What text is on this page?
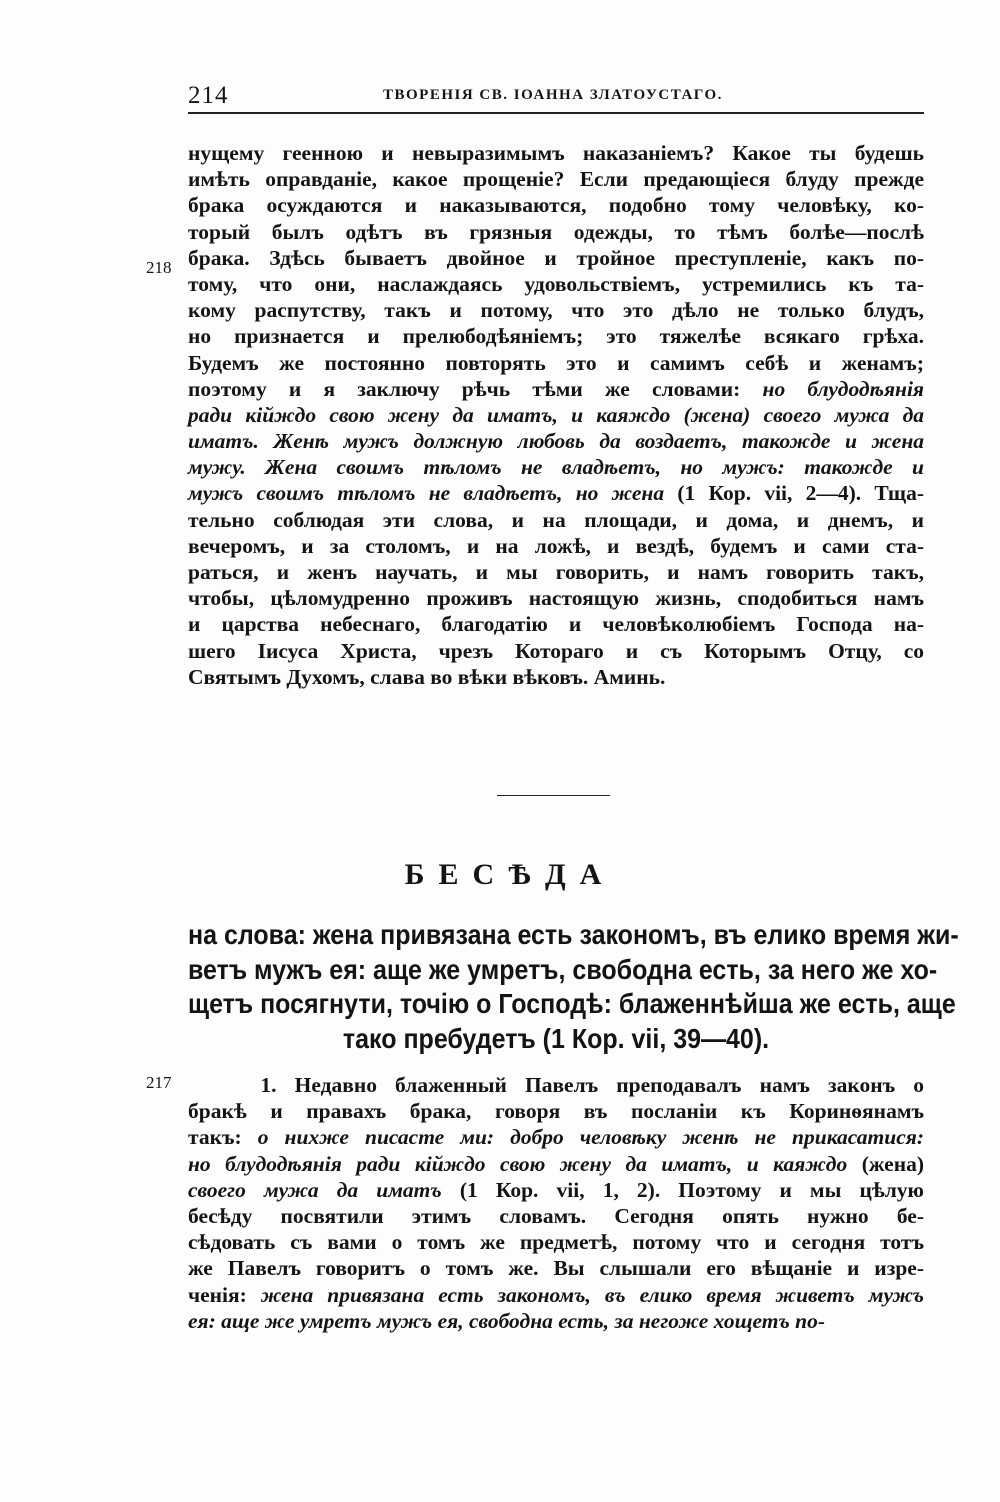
214	ТВОРЕНІЯ СВ. ІОАННА ЗЛАТОУСТАГО.
218
217
нущему геенною и невыразимымъ наказаніемъ? Какое ты будешь
имѣть оправданіе, какое прощеніе? Если предающіеся блуду прежде
брака осуждаются и наказываются, подобно тому человѣку, ко-
торый былъ одѣтъ въ грязныя одежды, то тѣмъ болѣе—послѣ
брака. Здѣсь бываетъ двойное и тройное преступленіе, какъ по-
тому, что они, наслаждаясь удовольствіемъ, устремились къ та-
кому распутству, такъ и потому, что это дѣло не только блудъ,
но признается и прелюбодѣяніемъ; это тяжелѣе всякаго грѣха.
Будемъ же постоянно повторять это и самимъ себѣ и женамъ;
поэтому и я заключу рѣчь тѣми же словами: но блудодѣянія
ради кійждо свою жену да иматъ, и каяждо (жена) своего мужа да
иматъ. Женѣ мужъ должную любовь да воздаетъ, такожде и жена
мужу. Жена своимъ тѣломъ не владѣетъ, но мужъ: такожде и
мужъ своимъ тѣломъ не владѣетъ, но жена (1 Кор. vii, 2—4). Тща-
тельно соблюдая эти слова, и на площади, и дома, и днемъ, и
вечеромъ, и за столомъ, и на ложѣ, и вездѣ, будемъ и сами ста-
раться, и женъ научать, и мы говорить, и намъ говорить такъ,
чтобы, цѣломудренно проживъ настоящую жизнь, сподобиться намъ
и царства небеснаго, благодатію и человѣколюбіемъ Господа на-
шего Іисуса Христа, чрезъ Котораго и съ Которымъ Отцу, со
Святымъ Духомъ, слава во вѣки вѣковъ. Аминь.
БЕСѢДА
на слова: жена привязана есть закономъ, въ елико время жи-
ветъ мужъ ея: аще же умретъ, свободна есть, за него же хо-
щетъ посягнути, точію о Господѣ: блаженнѣйша же есть, аще
тако пребудетъ (1 Кор. vii, 39—40).
1. Недавно блаженный Павелъ преподавалъ намъ законъ о
бракѣ и правахъ брака, говоря въ посланіи къ Коринѳянамъ
такъ: о нихже писасте ми: добро человѣку женѣ не прикасатися:
но блудодѣянія ради кійждо свою жену да иматъ, и каяждо (жена)
своего мужа да иматъ (1 Кор. vii, 1, 2). Поэтому и мы цѣлую
бесѣду посвятили этимъ словамъ. Сегодня опять нужно бе-
сѣдовать съ вами о томъ же предметѣ, потому что и сегодня тотъ
же Павелъ говоритъ о томъ же. Вы слышали его вѣщаніе и изре-
ченія: жена привязана есть закономъ, въ елико время живетъ мужъ
ея: аще же умретъ мужъ ея, свободна есть, за негоже хощетъ по-
